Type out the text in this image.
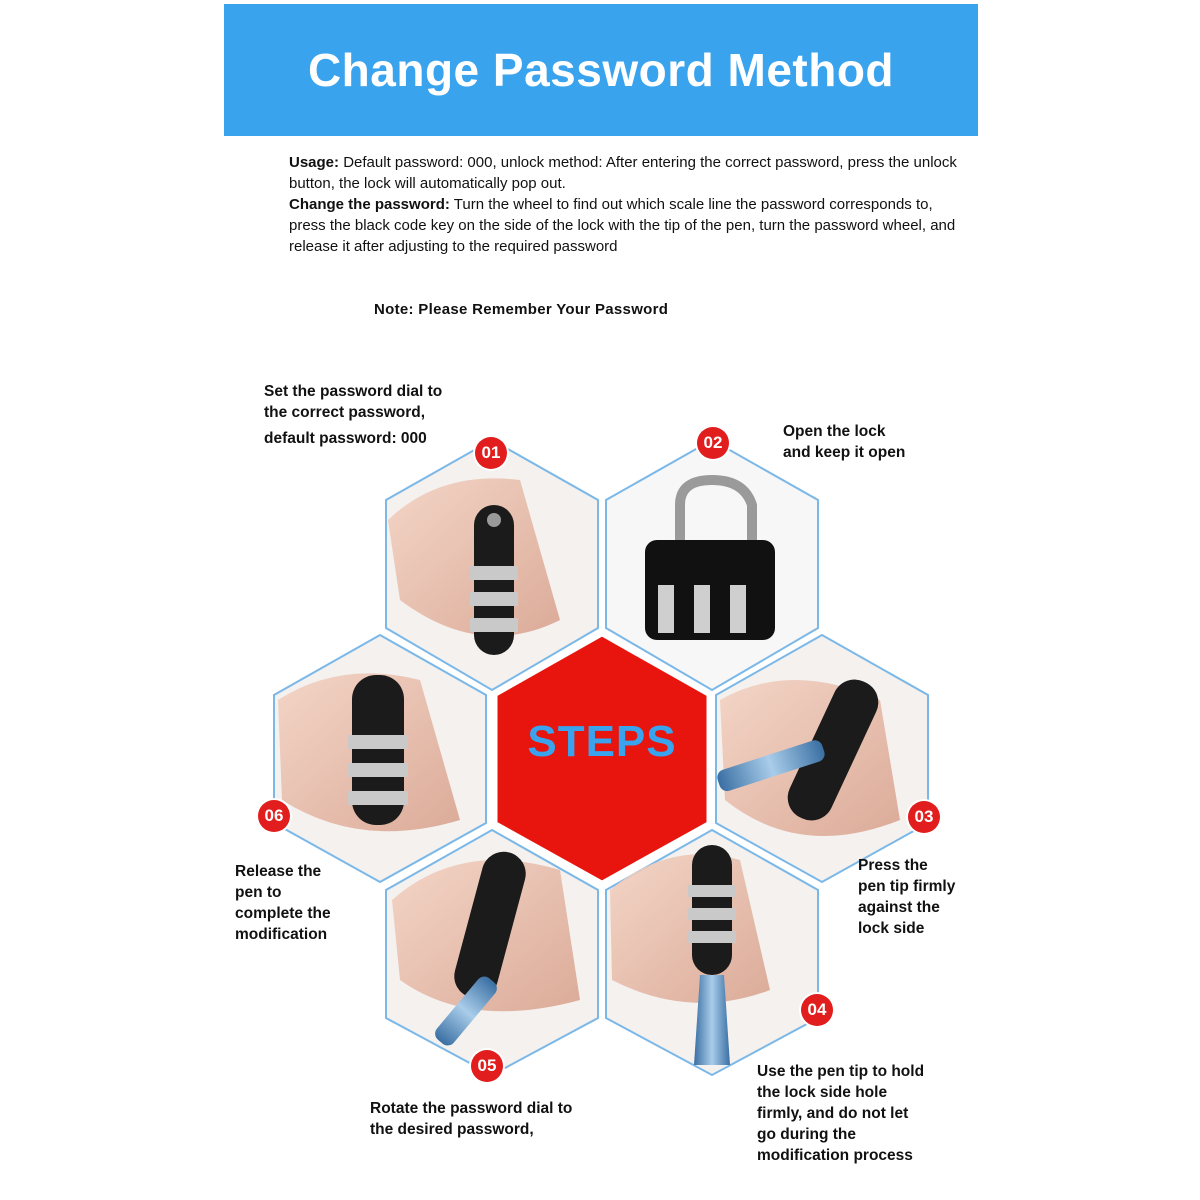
Change Password Method

Usage: Default password: 000, unlock method: After entering the correct password, press the unlock button, the lock will automatically pop out.

Change the password: Turn the wheel to find out which scale line the password corresponds to, press the black code key on the side of the lock with the tip of the pen, turn the password wheel, and release it after adjusting to the required password

Note: Please Remember Your Password
STEPS
01
02
03
04
05
06
Set the password dial to
the correct password,
default password: 000	Open the lock
and keep it open
Press the
pen tip firmly
against the
lock side
Use the pen tip to hold
the lock side hole
firmly, and do not let
go during the
modification process
Rotate the password dial to
the desired password,
Release the
pen to
complete the
modification
